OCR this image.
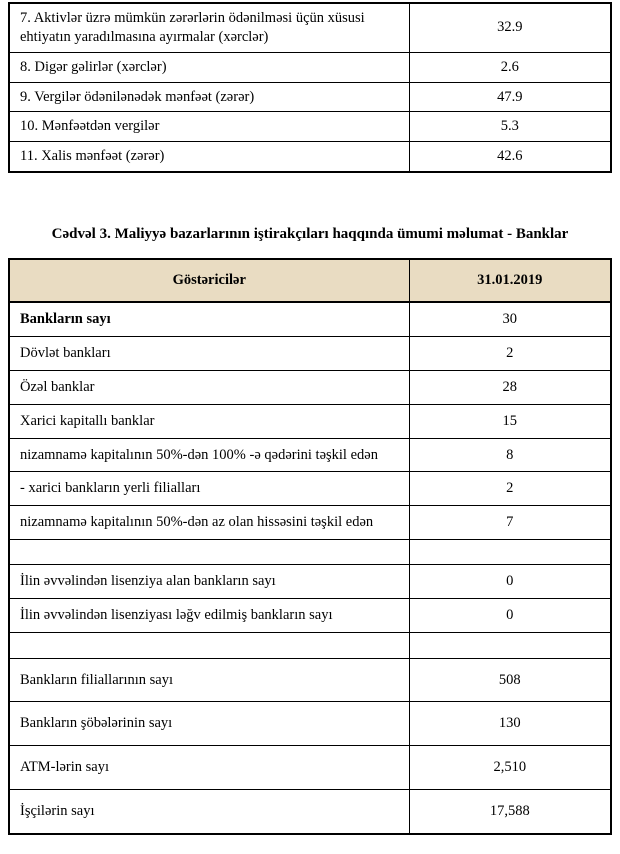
7. Aktivlər üzrə mümkün zərərlərin ödənilməsi üçün xüsusi ehtiyatın yaradılmasına ayırmalar (xərclər)	32.9
8. Digər gəlirlər (xərclər)	2.6
9. Vergilər ödənilənədək mənfəət (zərər)	47.9
10. Mənfəətdən vergilər	5.3
11. Xalis mənfəət (zərər)	42.6
Cədvəl 3. Maliyyə bazarlarının iştirakçıları haqqında ümumi məlumat - Banklar
Göstəricilər	31.01.2019
Bankların sayı	30
Dövlət bankları	2
Özəl banklar	28
Xarici kapitallı banklar	15
nizamnamə kapitalının 50%-dən 100% -ə qədərini təşkil edən	8
- xarici bankların yerli filialları	2
nizamnamə kapitalının 50%-dən az olan hissəsini təşkil edən	7

İlin əvvəlindən lisenziya alan bankların sayı	0
İlin əvvəlindən lisenziyası ləğv edilmiş bankların sayı	0

Bankların filiallarının sayı	508
Bankların şöbələrinin sayı	130
ATM-lərin sayı	2,510
İşçilərin sayı	17,588
